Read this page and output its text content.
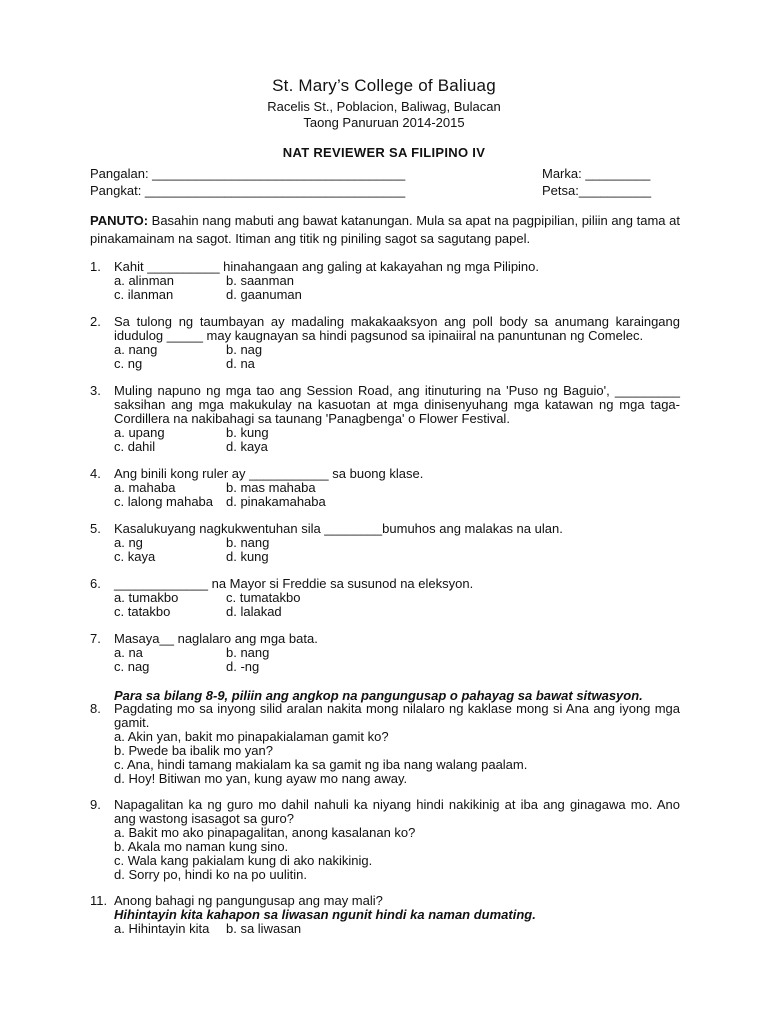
St. Mary’s College of Baliuag
Racelis St., Poblacion, Baliwag, Bulacan
Taong Panuruan 2014-2015
NAT REVIEWER SA FILIPINO IV
Pangalan: ___________________________________
Pangkat: ____________________________________
Marka: _________
Petsa:__________
PANUTO: Basahin nang mabuti ang bawat katanungan. Mula sa apat na pagpipilian, piliin ang tama at pinakamainam na sagot. Itiman ang titik ng piniling sagot sa sagutang papel.
1.	Kahit __________ hinahangaan ang galing at kakayahan ng mga Pilipino.
a. alinman	b. saanman
c. ilanman	d. gaanuman
2.	Sa tulong ng taumbayan ay madaling makakaaksyon ang poll body sa anumang karaingang idudulog _____ may kaugnayan sa hindi pagsunod sa ipinaiiral na panuntunan ng Comelec.
a. nang	b. nag
c. ng	d. na
3.	Muling napuno ng mga tao ang Session Road, ang itinuturing na 'Puso ng Baguio', _________ saksihan ang mga makukulay na kasuotan at mga dinisenyuhang mga katawan ng mga taga-Cordillera na nakibahagi sa taunang 'Panagbenga' o Flower Festival.
a. upang	b. kung
c. dahil	d. kaya
4.	Ang binili kong ruler ay ___________ sa buong klase.
a. mahaba	b. mas mahaba
c. lalong mahaba d. pinakamahaba
5.	Kasalukuyang nagkukwentuhan sila ________bumuhos ang malakas na ulan.
a. ng	b. nang
c. kaya	d. kung
6.	_____________ na Mayor si Freddie sa susunod na eleksyon.
a. tumakbo	c. tumatakbo
c. tatakbo	d. lalakad
7.	Masaya__ naglalaro ang mga bata.
a. na	b. nang
c. nag	d. -ng
Para sa bilang 8-9, piliin ang angkop na pangungusap o pahayag sa bawat sitwasyon.
8.	Pagdating mo sa inyong silid aralan nakita mong nilalaro ng kaklase mong si Ana ang iyong mga gamit.
a. Akin yan, bakit mo pinapakialaman gamit ko?
b. Pwede ba ibalik mo yan?
c. Ana, hindi tamang makialam ka sa gamit ng iba nang walang paalam.
d. Hoy! Bitiwan mo yan, kung ayaw mo nang away.
9.	Napagalitan ka ng guro mo dahil nahuli ka niyang hindi nakikinig at iba ang ginagawa mo. Ano ang wastong isasagot sa guro?
a. Bakit mo ako pinapagalitan, anong kasalanan ko?
b. Akala mo naman kung sino.
c. Wala kang pakialam kung di ako nakikinig.
d. Sorry po, hindi ko na po uulitin.
11. Anong bahagi ng pangungusap ang may mali?
Hihintayin kita kahapon sa liwasan ngunit hindi ka naman dumating.
a. Hihintayin kita	b. sa liwasan
